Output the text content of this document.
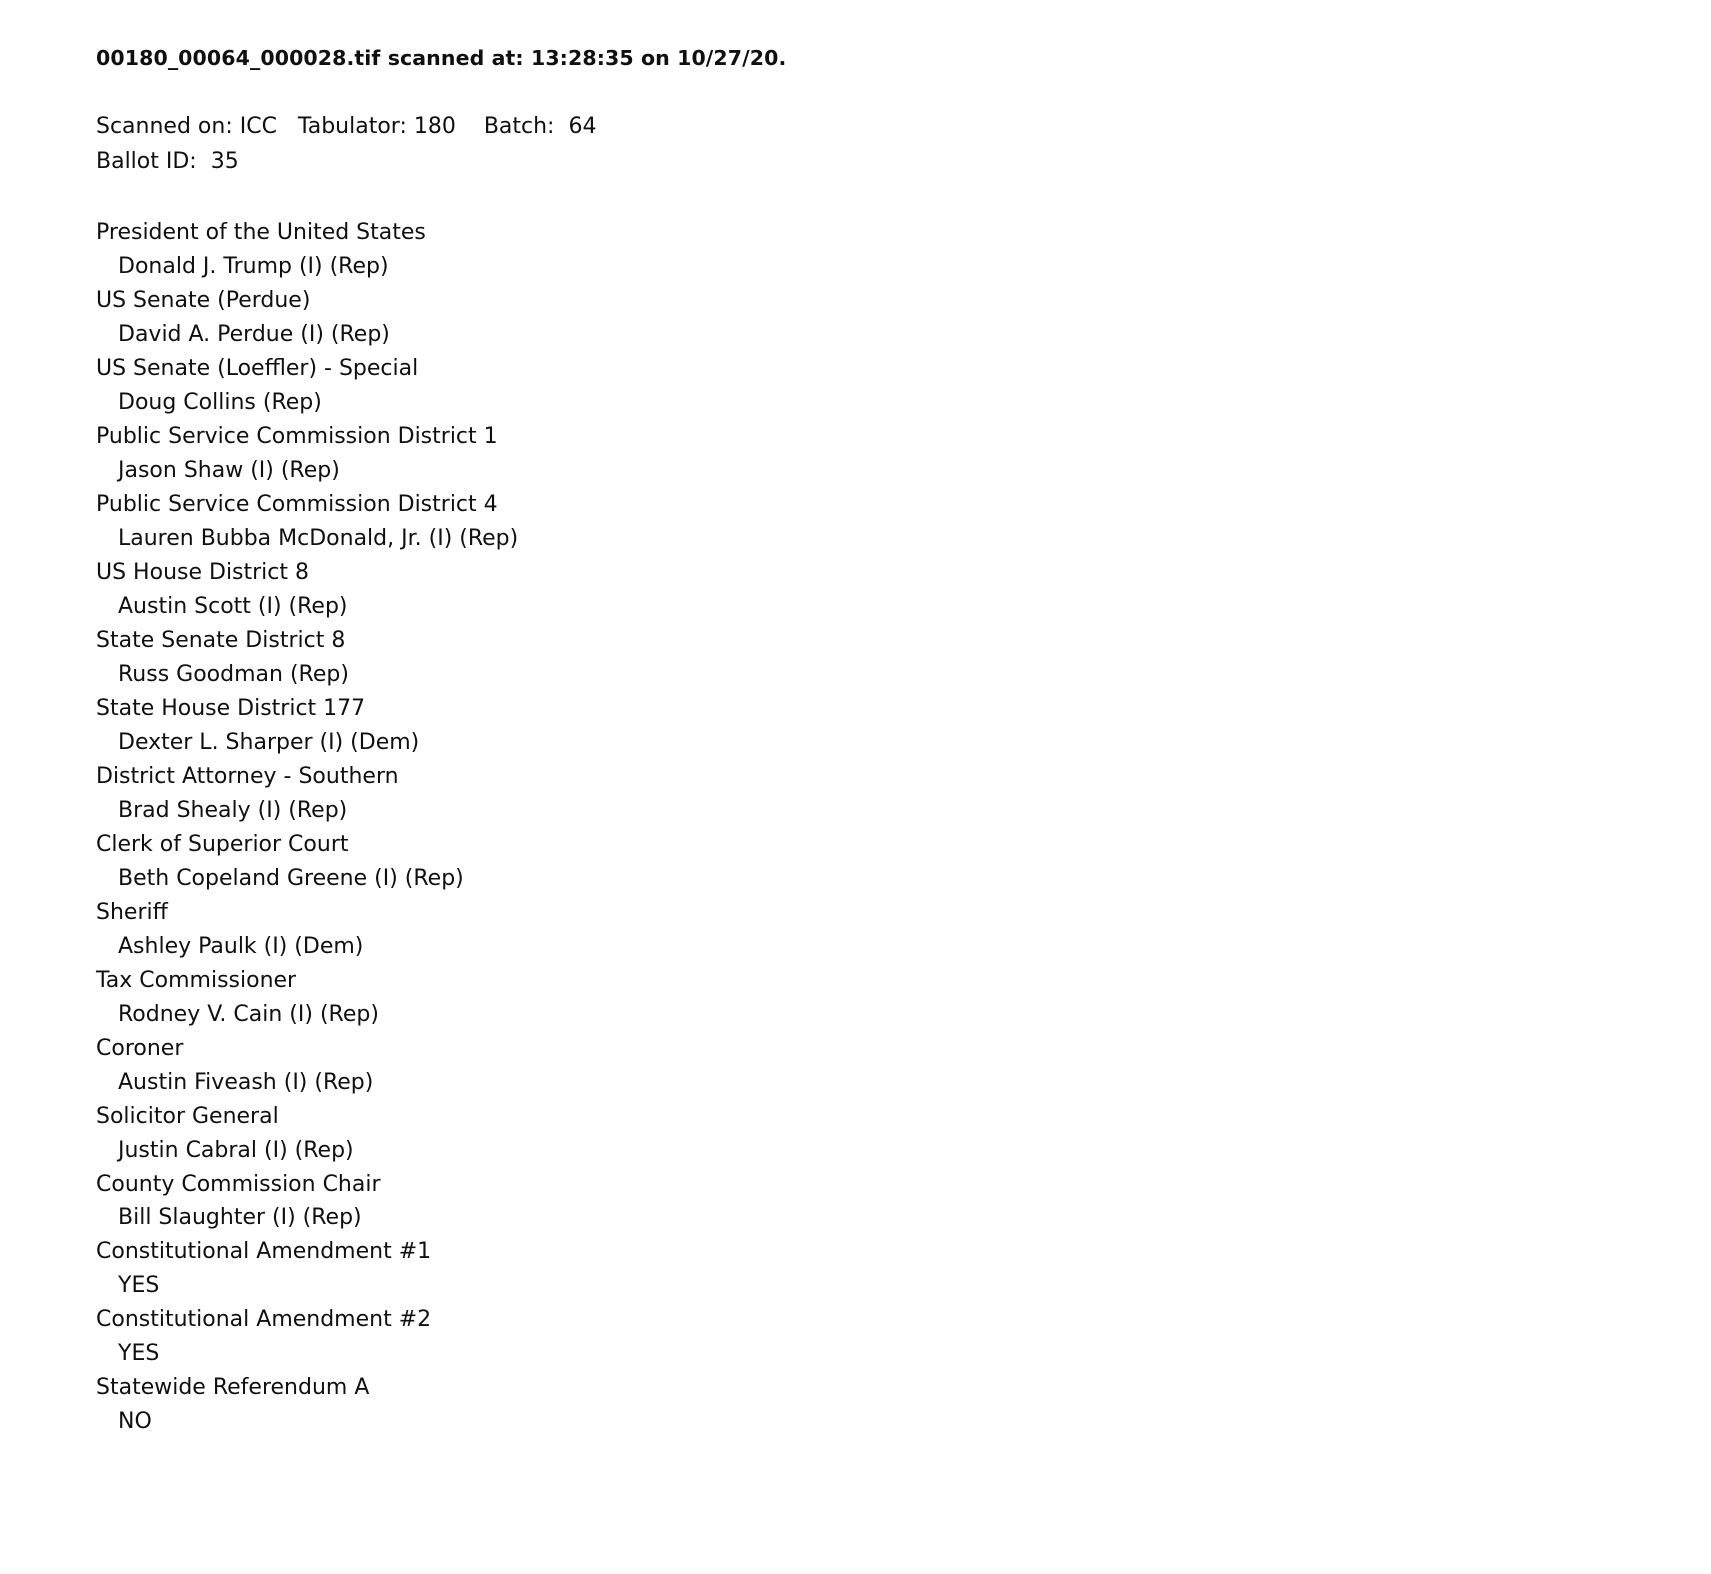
00180_00064_000028.tif scanned at: 13:28:35 on 10/27/20.
Scanned on: ICC   Tabulator: 180    Batch:  64
Ballot ID:  35
President of the United States
Donald J. Trump (I) (Rep)
US Senate (Perdue)
David A. Perdue (I) (Rep)
US Senate (Loeffler) - Special
Doug Collins (Rep)
Public Service Commission District 1
Jason Shaw (I) (Rep)
Public Service Commission District 4
Lauren Bubba McDonald, Jr. (I) (Rep)
US House District 8
Austin Scott (I) (Rep)
State Senate District 8
Russ Goodman (Rep)
State House District 177
Dexter L. Sharper (I) (Dem)
District Attorney - Southern
Brad Shealy (I) (Rep)
Clerk of Superior Court
Beth Copeland Greene (I) (Rep)
Sheriff
Ashley Paulk (I) (Dem)
Tax Commissioner
Rodney V. Cain (I) (Rep)
Coroner
Austin Fiveash (I) (Rep)
Solicitor General
Justin Cabral (I) (Rep)
County Commission Chair
Bill Slaughter (I) (Rep)
Constitutional Amendment #1
YES
Constitutional Amendment #2
YES
Statewide Referendum A
NO
